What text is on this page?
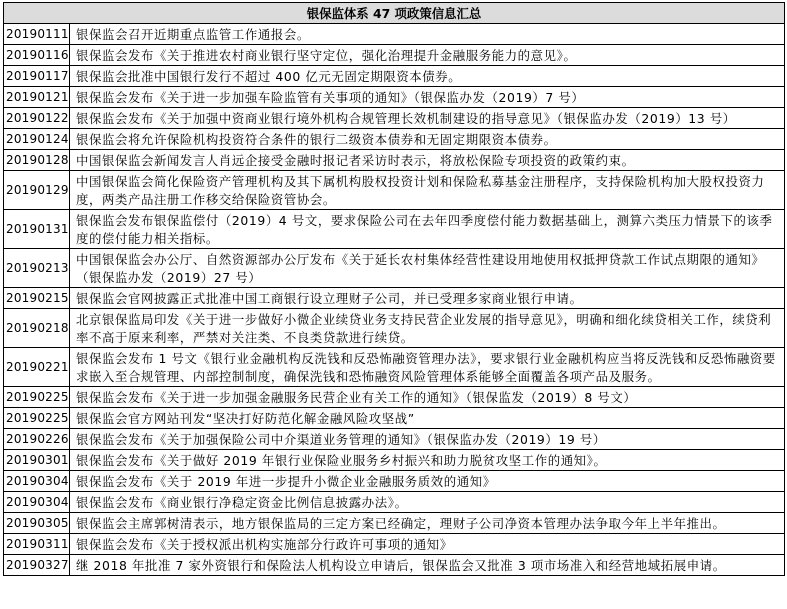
银保监体系 47 项政策信息汇总	
20190111	银保监会召开近期重点监管工作通报会。
20190116	银保监会发布《关于推进农村商业银行坚守定位，强化治理提升金融服务能力的意见》。
20190117	银保监会批准中国银行发行不超过 400 亿元无固定期限资本债券。
20190121	银保监会发布《关于进一步加强车险监管有关事项的通知》（银保监办发（2019）7 号）
20190122	银保监会发布《关于加强中资商业银行境外机构合规管理长效机制建设的指导意见》（银保监办发（2019）13 号）
20190124	银保监会将允许保险机构投资符合条件的银行二级资本债券和无固定期限资本债券。
20190128	中国银保监会新闻发言人肖远企接受金融时报记者采访时表示，将放松保险专项投资的政策约束。
20190129	中国银保监会简化保险资产管理机构及其下属机构股权投资计划和保险私募基金注册程序，支持保险机构加大股权投资力度，两类产品注册工作移交给保险资管协会。
20190131	银保监会发布银保监偿付（2019）4 号文，要求保险公司在去年四季度偿付能力数据基础上，测算六类压力情景下的该季度的偿付能力相关指标。
20190213	中国银保监会办公厅、自然资源部办公厅发布《关于延长农村集体经营性建设用地使用权抵押贷款工作试点期限的通知》（银保监办发（2019）27 号）
20190215	银保监会官网披露正式批准中国工商银行设立理财子公司，并已受理多家商业银行申请。
20190218	北京银保监局印发《关于进一步做好小微企业续贷业务支持民营企业发展的指导意见》，明确和细化续贷相关工作，续贷利率不高于原来利率，严禁对关注类、不良类贷款进行续贷。
20190221	银保监会发布 1 号文《银行业金融机构反洗钱和反恐怖融资管理办法》，要求银行业金融机构应当将反洗钱和反恐怖融资要求嵌入至合规管理、内部控制制度，确保洗钱和恐怖融资风险管理体系能够全面覆盖各项产品及服务。
20190225	银保监会发布《关于进一步加强金融服务民营企业有关工作的通知》（银保监发（2019）8 号文）
20190225	银保监会官方网站刊发“坚决打好防范化解金融风险攻坚战”
20190226	银保监会发布《关于加强保险公司中介渠道业务管理的通知》（银保监办发（2019）19 号）
20190301	银保监会发布《关于做好 2019 年银行业保险业服务乡村振兴和助力脱贫攻坚工作的通知》。
20190304	银保监会发布《关于 2019 年进一步提升小微企业金融服务质效的通知》
20190304	银保监会发布《商业银行净稳定资金比例信息披露办法》。
20190305	银保监会主席郭树清表示，地方银保监局的三定方案已经确定，理财子公司净资本管理办法争取今年上半年推出。
20190311	银保监会发布《关于授权派出机构实施部分行政许可事项的通知》
20190327	继 2018 年批准 7 家外资银行和保险法人机构设立申请后，银保监会又批准 3 项市场准入和经营地域拓展申请。
